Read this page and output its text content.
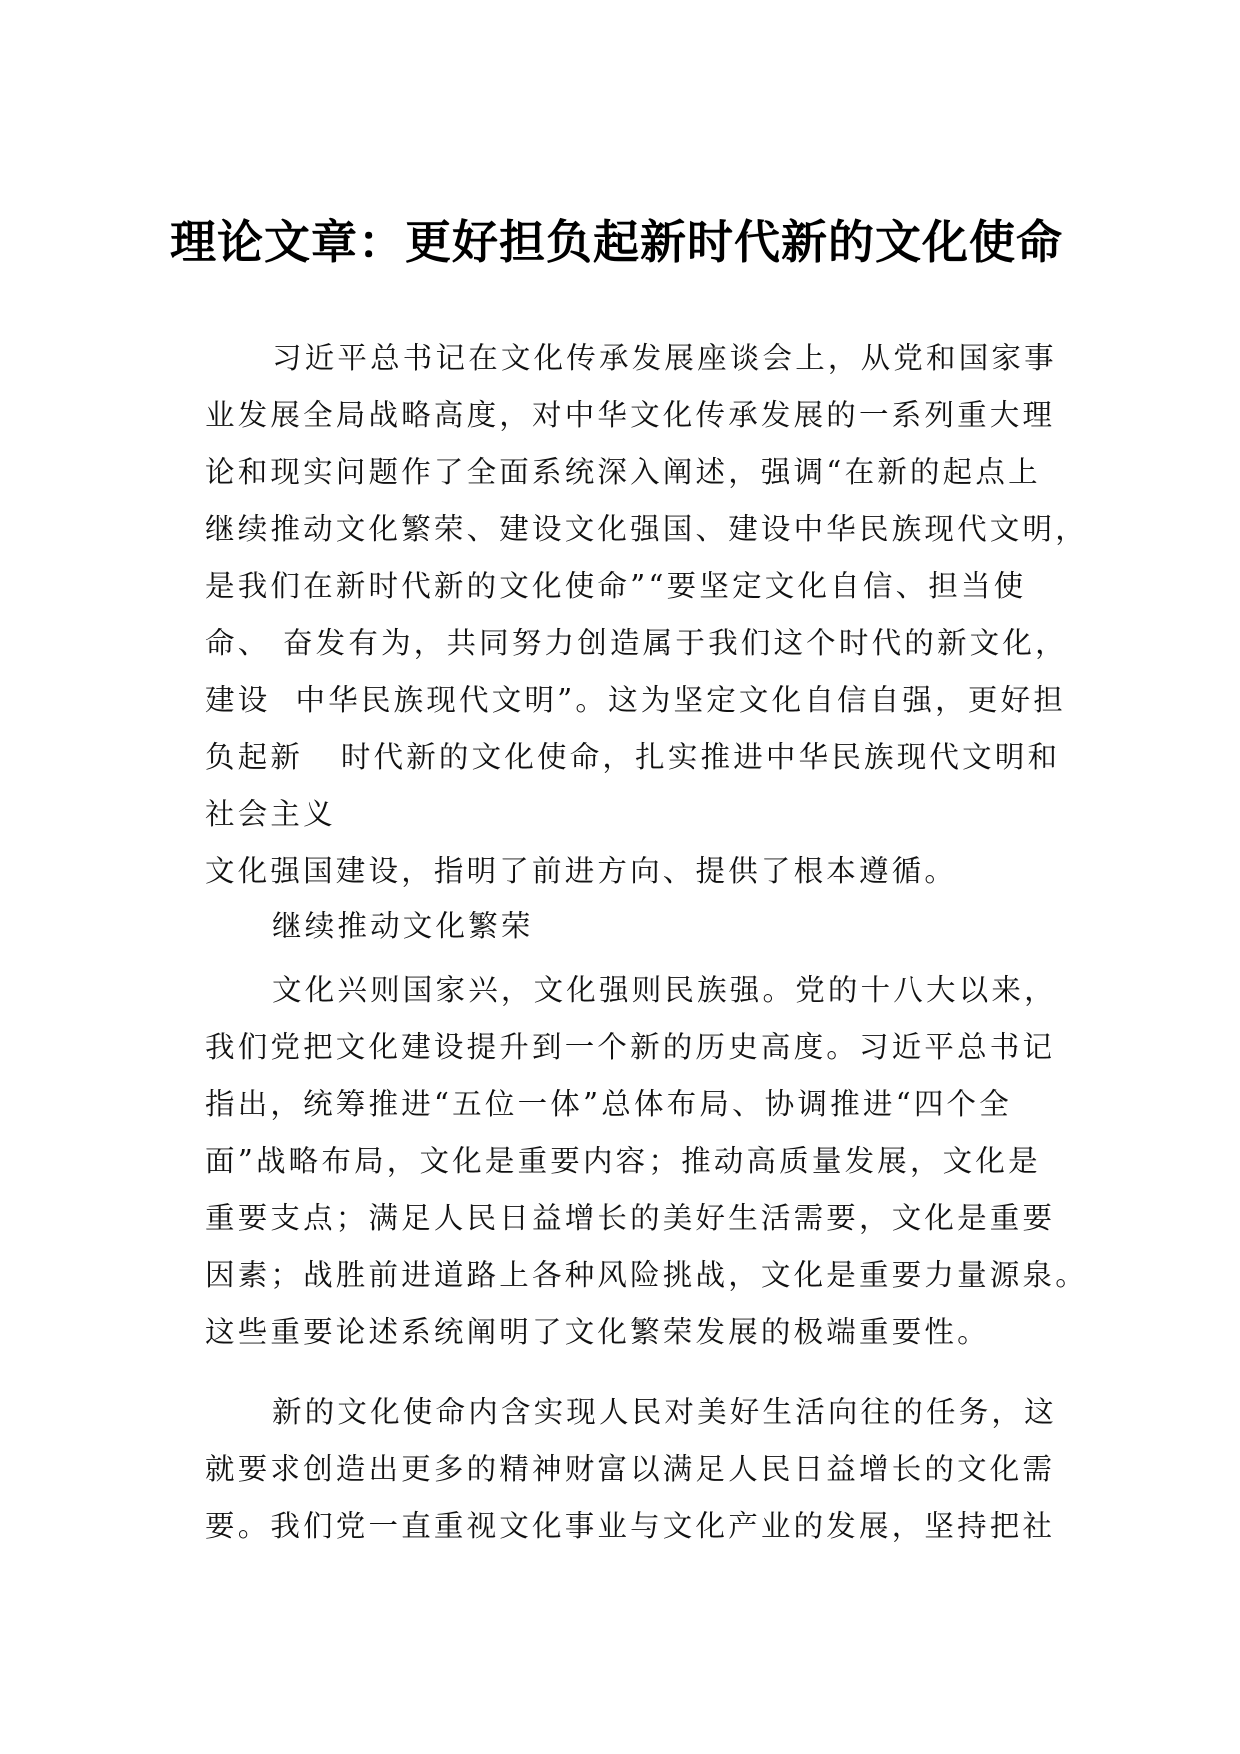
理论文章：更好担负起新时代新的文化使命
习近平总书记在文化传承发展座谈会上，从党和国家事
业发展全局战略高度，对中华文化传承发展的一系列重大理
论和现实问题作了全面系统深入阐述，强调“在新的起点上
继续推动文化繁荣、建设文化强国、建设中华民族现代文明，
是我们在新时代新的文化使命”“要坚定文化自信、担当使
命、 奋发有为，共同努力创造属于我们这个时代的新文化，
建设  中华民族现代文明”。这为坚定文化自信自强，更好担
负起新   时代新的文化使命，扎实推进中华民族现代文明和
社会主义
文化强国建设，指明了前进方向、提供了根本遵循。
继续推动文化繁荣
文化兴则国家兴，文化强则民族强。党的十八大以来，
我们党把文化建设提升到一个新的历史高度。习近平总书记
指出，统筹推进“五位一体”总体布局、协调推进“四个全
面”战略布局，文化是重要内容；推动高质量发展，文化是
重要支点；满足人民日益增长的美好生活需要，文化是重要
因素；战胜前进道路上各种风险挑战，文化是重要力量源泉。
这些重要论述系统阐明了文化繁荣发展的极端重要性。
新的文化使命内含实现人民对美好生活向往的任务，这
就要求创造出更多的精神财富以满足人民日益增长的文化需
要。我们党一直重视文化事业与文化产业的发展，坚持把社
